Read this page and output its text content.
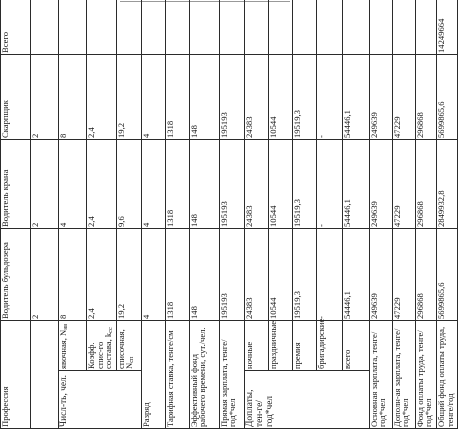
Профессия		Водитель бульдозера	Водитель крана	Скарпщик	Всего
		2	2	2	
Числ-ть, чел.	явочная, $N_{яв}$	8	4	8	
	Коэфф. спис-го состава, $k_{сс}$	2,4	2,4	2,4	
	списочная, $N_{сп}$	19,2	9,6	19,2	
Разряд		4	4	4	
Тарифная ставка, тенге/см		1318	1318	1318	
Эффективный фонд рабочего времени, сут./чел.		148	148	148	
Прямая зарплата, тенге/год*чел		195193	195193	195193	
Доплаты, тен-ге/год*чел	ночные	24383	24383	24383	
	праздничные	10544	10544	10544	
	премия	19519,3	19519,3	19519,3	
	бригадирские	-	-	-	
	всего	54446,1	54446,1	54446,1	
Основная зарплата, тенге/год*чел		249639	249639	249639	
Дополн-ая зарплата, тенге/год*чел		47229	47229	47229	
Фонд оплаты труда, тенге/год*чел		296868	296868	296868	
Общий фонд оплаты труда, тенге/год		5699865,6	2849932,8	5699865,6	14249664
